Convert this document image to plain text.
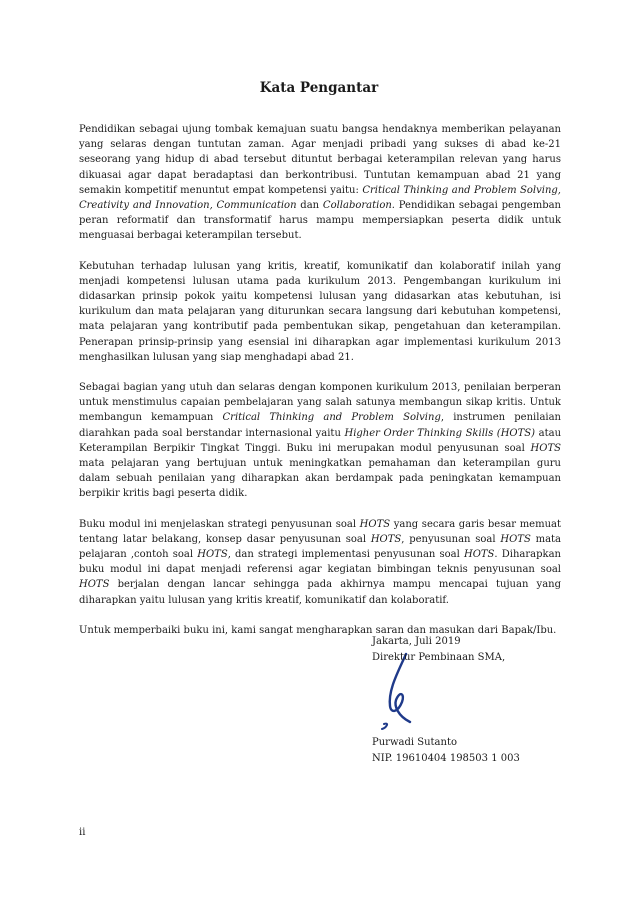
Kata Pengantar

Pendidikan sebagai ujung tombak kemajuan suatu bangsa hendaknya memberikan pelayanan yang selaras dengan tuntutan zaman. Agar menjadi pribadi yang sukses di abad ke-21 seseorang yang hidup di abad tersebut dituntut berbagai keterampilan relevan yang harus dikuasai agar dapat beradaptasi dan berkontribusi. Tuntutan kemampuan abad 21 yang semakin kompetitif menuntut empat kompetensi yaitu: Critical Thinking and Problem Solving, Creativity and Innovation, Communication dan Collaboration. Pendidikan sebagai pengemban peran reformatif dan transformatif harus mampu mempersiapkan peserta didik untuk menguasai berbagai keterampilan tersebut.

Kebutuhan terhadap lulusan yang kritis, kreatif, komunikatif dan kolaboratif inilah yang menjadi kompetensi lulusan utama pada kurikulum 2013. Pengembangan kurikulum ini didasarkan prinsip pokok yaitu kompetensi lulusan yang didasarkan atas kebutuhan, isi kurikulum dan mata pelajaran yang diturunkan secara langsung dari kebutuhan kompetensi, mata pelajaran yang kontributif pada pembentukan sikap, pengetahuan dan keterampilan. Penerapan prinsip-prinsip yang esensial ini diharapkan agar implementasi kurikulum 2013 menghasilkan lulusan yang siap menghadapi abad 21.

Sebagai bagian yang utuh dan selaras dengan komponen kurikulum 2013, penilaian berperan untuk menstimulus capaian pembelajaran yang salah satunya membangun sikap kritis. Untuk membangun kemampuan Critical Thinking and Problem Solving, instrumen penilaian diarahkan pada soal berstandar internasional yaitu Higher Order Thinking Skills (HOTS) atau Keterampilan Berpikir Tingkat Tinggi. Buku ini merupakan modul penyusunan soal HOTS mata pelajaran yang bertujuan untuk meningkatkan pemahaman dan keterampilan guru dalam sebuah penilaian yang diharapkan akan berdampak pada peningkatan kemampuan berpikir kritis bagi peserta didik.

Buku modul ini menjelaskan strategi penyusunan soal HOTS yang secara garis besar memuat tentang latar belakang, konsep dasar penyusunan soal HOTS, penyusunan soal HOTS mata pelajaran ,contoh soal HOTS, dan strategi implementasi penyusunan soal HOTS. Diharapkan buku modul ini dapat menjadi referensi agar kegiatan bimbingan teknis penyusunan soal HOTS berjalan dengan lancar sehingga pada akhirnya mampu mencapai tujuan yang diharapkan yaitu lulusan yang kritis kreatif, komunikatif dan kolaboratif.

Untuk memperbaiki buku ini, kami sangat mengharapkan saran dan masukan dari Bapak/Ibu.

Jakarta, Juli 2019
Direktur Pembinaan SMA,
Purwadi Sutanto
NIP. 19610404 198503 1 003
ii
